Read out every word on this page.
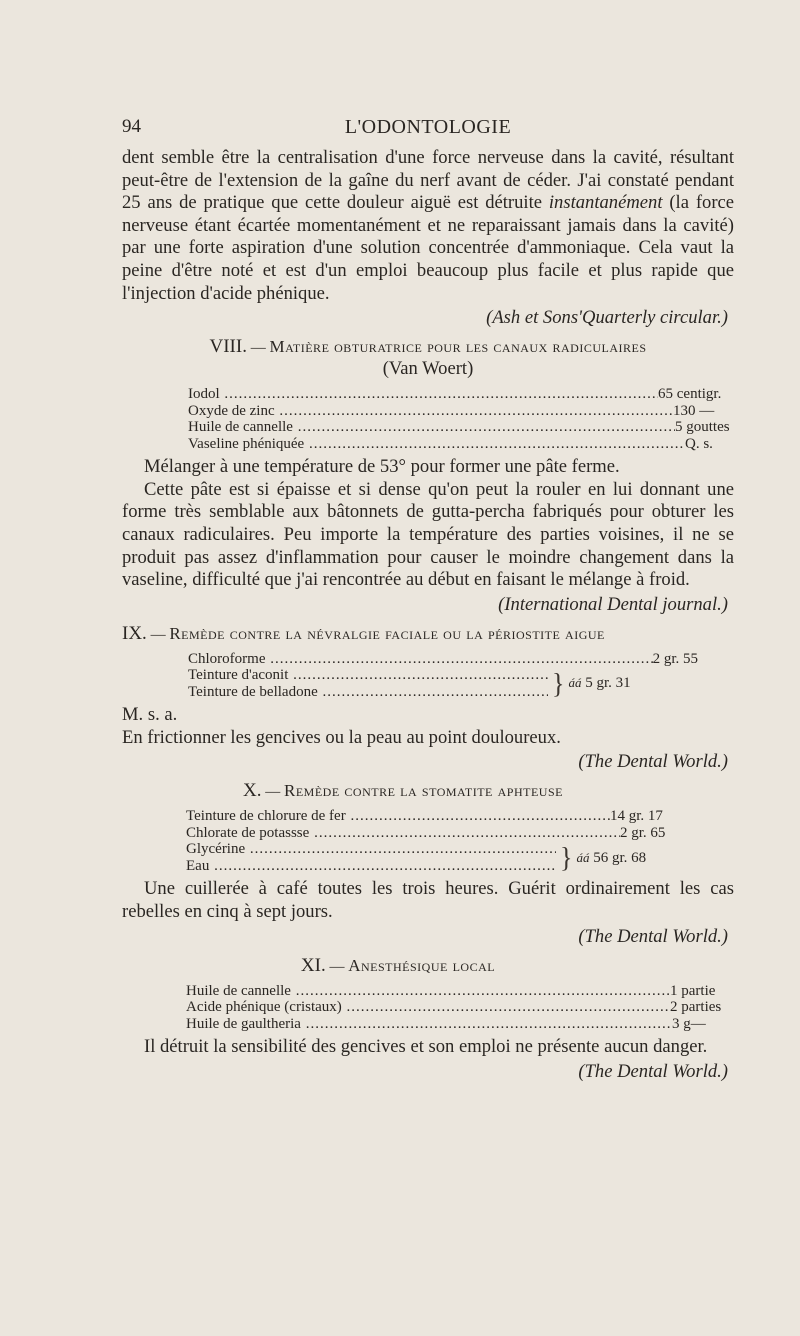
94	L'ODONTOLOGIE

dent semble être la centralisation d'une force nerveuse dans la cavité, résultant peut-être de l'extension de la gaîne du nerf avant de céder. J'ai constaté pendant 25 ans de pratique que cette douleur aiguë est détruite instantanément (la force nerveuse étant écartée momentanément et ne reparaissant jamais dans la cavité) par une forte aspiration d'une solution concentrée d'ammoniaque. Cela vaut la peine d'être noté et est d'un emploi beaucoup plus facile et plus rapide que l'injection d'acide phénique.

(Ash et Sons'Quarterly circular.)
VIII. — Matière obturatrice pour les canaux radiculaires
(Van Woert)
Iodol .....	65 centigr.
Oxyde de zinc .....	130 —
Huile de cannelle .....	5 gouttes
Vaseline phéniquée .....	Q. s.

Mélanger à une température de 53° pour former une pâte ferme.

Cette pâte est si épaisse et si dense qu'on peut la rouler en lui donnant une forme très semblable aux bâtonnets de gutta-percha fabriqués pour obturer les canaux radiculaires. Peu importe la température des parties voisines, il ne se produit pas assez d'inflammation pour causer le moindre changement dans la vaseline, difficulté que j'ai rencontrée au début en faisant le mélange à froid.

(International Dental journal.)
IX. — Remède contre la névralgie faciale ou la périostite aigue
Chloroforme .....	2 gr. 55
Teinture d'aconit .....
Teinture de belladone .....	} áá 5 gr. 31
M. s. a.

En frictionner les gencives ou la peau au point douloureux.

(The Dental World.)
X. — Remède contre la stomatite aphteuse
Teinture de chlorure de fer .....	14 gr. 17
Chlorate de potassse .....	2 gr. 65
Glycérine .....
Eau .....	} áá 56 gr. 68

Une cuillerée à café toutes les trois heures. Guérit ordinairement les cas rebelles en cinq à sept jours.

(The Dental World.)
XI. — Anesthésique local
Huile de cannelle .....	1 partie
Acide phénique (cristaux) .....	2 parties
Huile de gaultheria .....	3 g—

Il détruit la sensibilité des gencives et son emploi ne présente aucun danger.

(The Dental World.)
